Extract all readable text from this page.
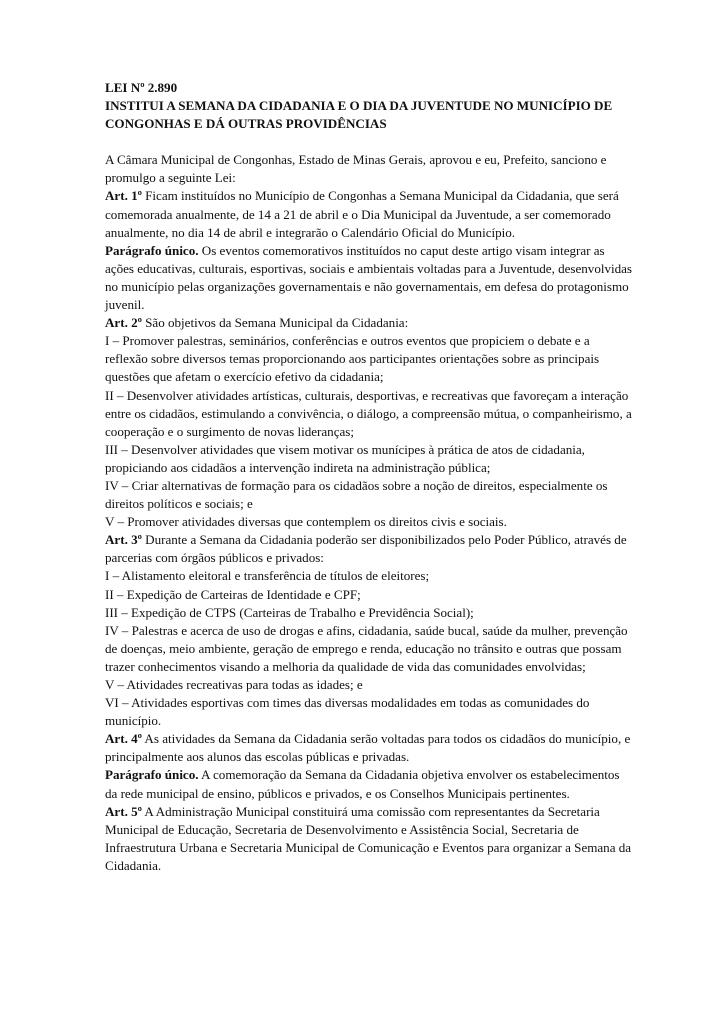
LEI Nº 2.890

INSTITUI A SEMANA DA CIDADANIA E O DIA DA JUVENTUDE NO MUNICÍPIO DE CONGONHAS E DÁ OUTRAS PROVIDÊNCIAS

A Câmara Municipal de Congonhas, Estado de Minas Gerais, aprovou e eu, Prefeito, sanciono e promulgo a seguinte Lei:

Art. 1º Ficam instituídos no Município de Congonhas a Semana Municipal da Cidadania, que será comemorada anualmente, de 14 a 21 de abril e o Dia Municipal da Juventude, a ser comemorado anualmente, no dia 14 de abril e integrarão o Calendário Oficial do Município.

Parágrafo único. Os eventos comemorativos instituídos no caput deste artigo visam integrar as ações educativas, culturais, esportivas, sociais e ambientais voltadas para a Juventude, desenvolvidas no município pelas organizações governamentais e não governamentais, em defesa do protagonismo juvenil.

Art. 2º São objetivos da Semana Municipal da Cidadania:

I – Promover palestras, seminários, conferências e outros eventos que propiciem o debate e a reflexão sobre diversos temas proporcionando aos participantes orientações sobre as principais questões que afetam o exercício efetivo da cidadania;

II – Desenvolver atividades artísticas, culturais, desportivas, e recreativas que favoreçam a interação entre os cidadãos, estimulando a convivência, o diálogo, a compreensão mútua, o companheirismo, a cooperação e o surgimento de novas lideranças;

III – Desenvolver atividades que visem motivar os munícipes à prática de atos de cidadania, propiciando aos cidadãos a intervenção indireta na administração pública;

IV – Criar alternativas de formação para os cidadãos sobre a noção de direitos, especialmente os direitos políticos e sociais; e

V – Promover atividades diversas que contemplem os direitos civis e sociais.

Art. 3º Durante a Semana da Cidadania poderão ser disponibilizados pelo Poder Público, através de parcerias com órgãos públicos e privados:

I – Alistamento eleitoral e transferência de títulos de eleitores;

II – Expedição de Carteiras de Identidade e CPF;

III – Expedição de CTPS (Carteiras de Trabalho e Previdência Social);

IV – Palestras e acerca de uso de drogas e afins, cidadania, saúde bucal, saúde da mulher, prevenção de doenças, meio ambiente, geração de emprego e renda, educação no trânsito e outras que possam trazer conhecimentos visando a melhoria da qualidade de vida das comunidades envolvidas;

V – Atividades recreativas para todas as idades; e

VI – Atividades esportivas com times das diversas modalidades em todas as comunidades do município.

Art. 4º As atividades da Semana da Cidadania serão voltadas para todos os cidadãos do município, e principalmente aos alunos das escolas públicas e privadas.

Parágrafo único. A comemoração da Semana da Cidadania objetiva envolver os estabelecimentos da rede municipal de ensino, públicos e privados, e os Conselhos Municipais pertinentes.

Art. 5º A Administração Municipal constituirá uma comissão com representantes da Secretaria Municipal de Educação, Secretaria de Desenvolvimento e Assistência Social, Secretaria de Infraestrutura Urbana e Secretaria Municipal de Comunicação e Eventos para organizar a Semana da Cidadania.
